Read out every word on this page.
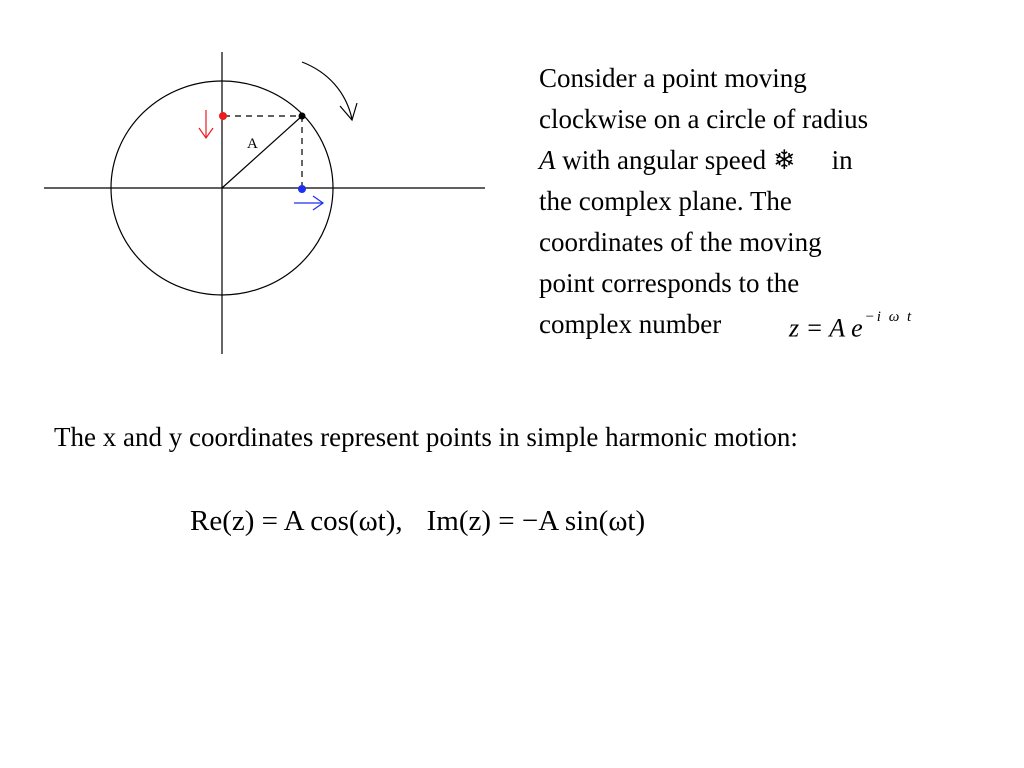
A
Consider a point moving
clockwise on a circle of radius
A with angular speed ❄ in
the complex plane. The
coordinates of the moving
point corresponds to the
complex number	z = A e $^{-i \omega t}$

The x and y coordinates represent points in simple harmonic motion:

Re(z) = A cos(ωt), Im(z) = −A sin(ωt)
